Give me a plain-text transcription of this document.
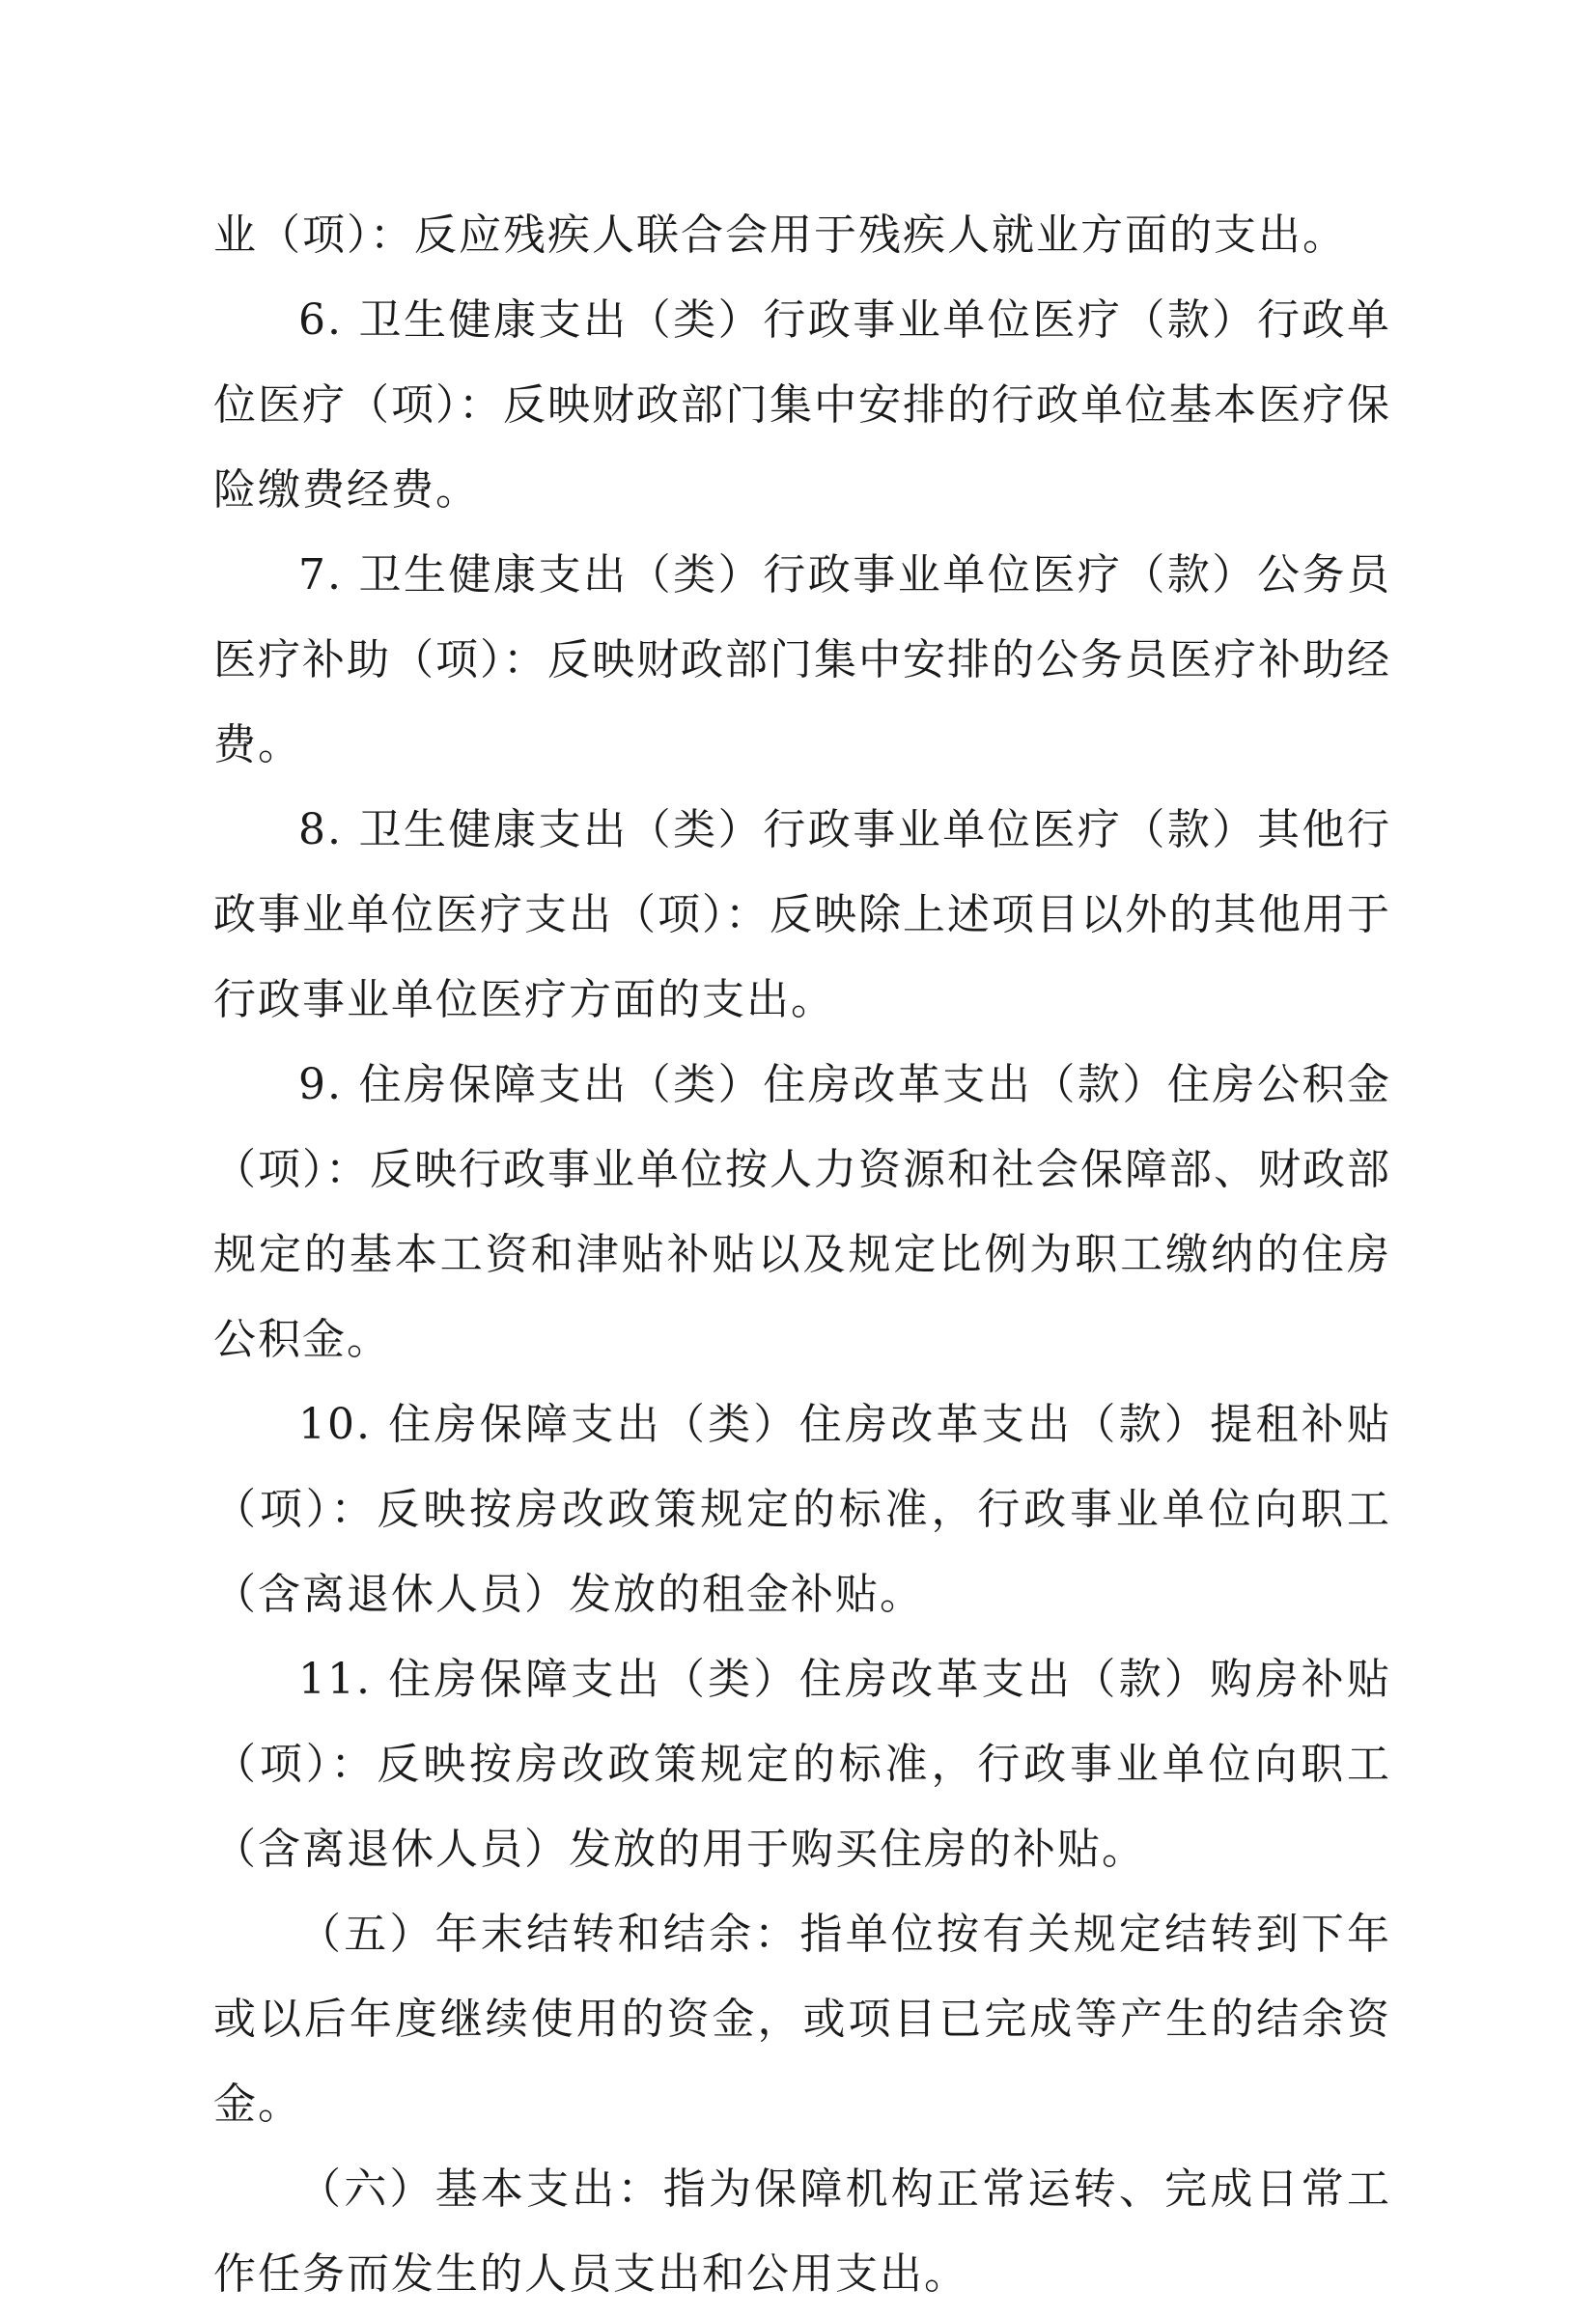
业（项）：反应残疾人联合会用于残疾人就业方面的支出。

6. 卫生健康支出（类）行政事业单位医疗（款）行政单位医疗（项）：反映财政部门集中安排的行政单位基本医疗保险缴费经费。

7. 卫生健康支出（类）行政事业单位医疗（款）公务员医疗补助（项）：反映财政部门集中安排的公务员医疗补助经费。

8. 卫生健康支出（类）行政事业单位医疗（款）其他行政事业单位医疗支出（项）：反映除上述项目以外的其他用于行政事业单位医疗方面的支出。

9. 住房保障支出（类）住房改革支出（款）住房公积金（项）：反映行政事业单位按人力资源和社会保障部、财政部规定的基本工资和津贴补贴以及规定比例为职工缴纳的住房公积金。

10. 住房保障支出（类）住房改革支出（款）提租补贴（项）：反映按房改政策规定的标准，行政事业单位向职工（含离退休人员）发放的租金补贴。

11. 住房保障支出（类）住房改革支出（款）购房补贴（项）：反映按房改政策规定的标准，行政事业单位向职工（含离退休人员）发放的用于购买住房的补贴。

（五）年末结转和结余：指单位按有关规定结转到下年或以后年度继续使用的资金，或项目已完成等产生的结余资金。

（六）基本支出：指为保障机构正常运转、完成日常工作任务而发生的人员支出和公用支出。
